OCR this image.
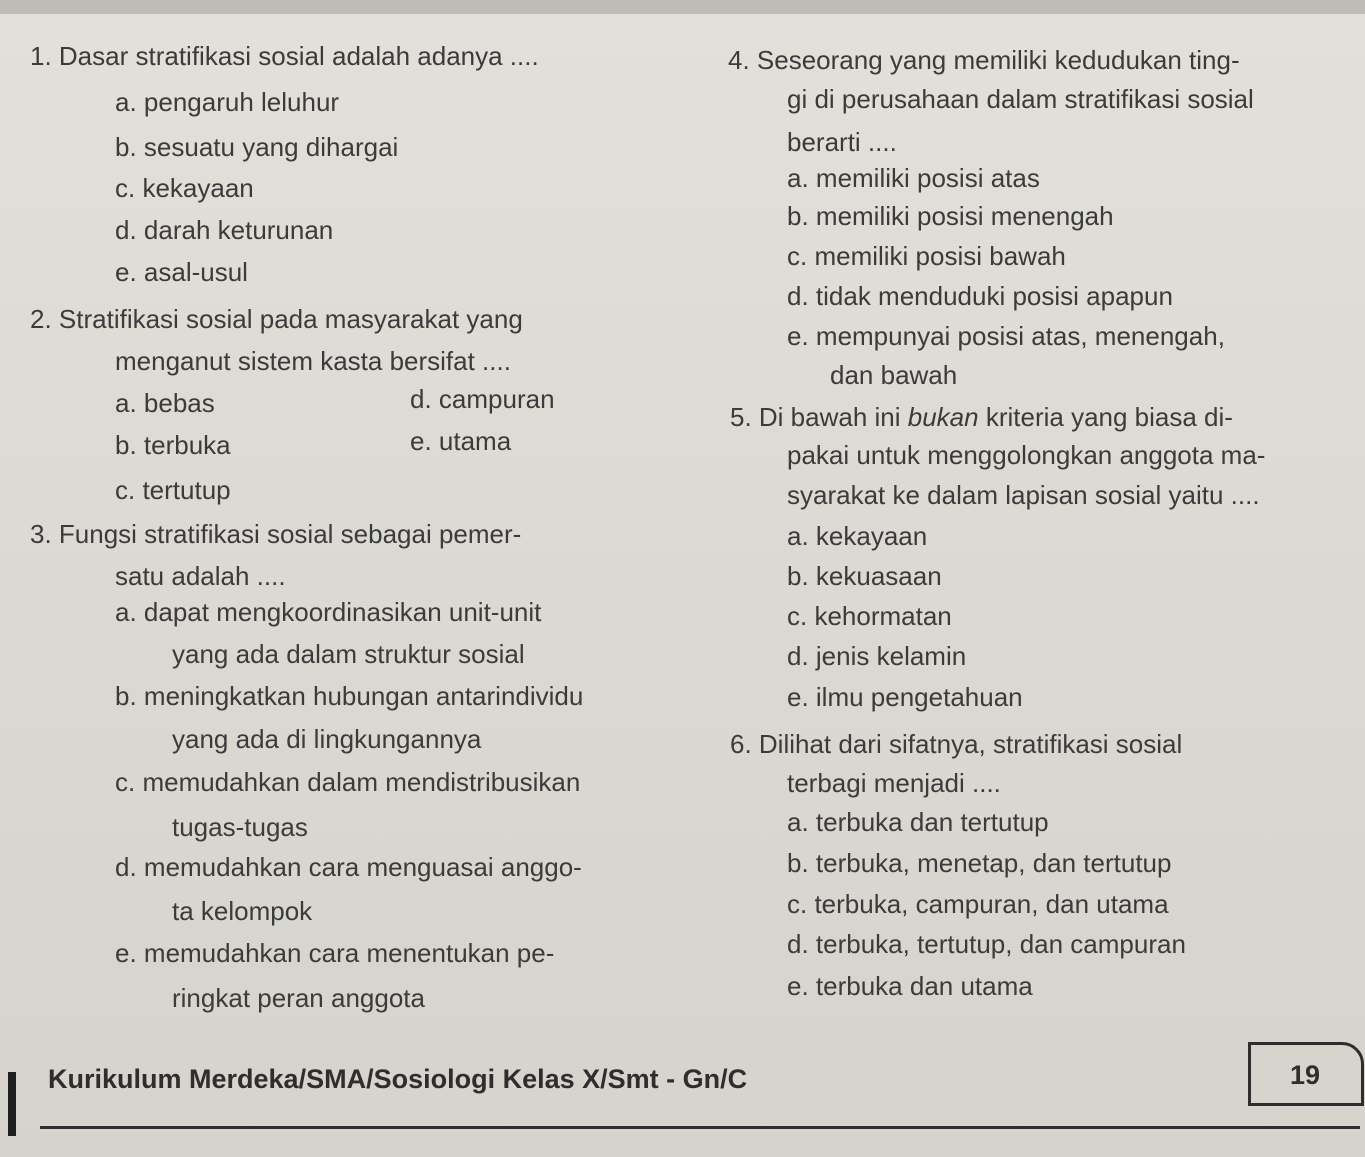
1. Dasar stratifikasi sosial adalah adanya ....
a. pengaruh leluhur
b. sesuatu yang dihargai
c. kekayaan
d. darah keturunan
e. asal-usul
2. Stratifikasi sosial pada masyarakat yang
menganut sistem kasta bersifat ....
a. bebas	d. campuran
b. terbuka	e. utama
c. tertutup
3. Fungsi stratifikasi sosial sebagai pemer-
satu adalah ....
a. dapat mengkoordinasikan unit-unit
yang ada dalam struktur sosial
b. meningkatkan hubungan antarindividu
yang ada di lingkungannya
c. memudahkan dalam mendistribusikan
tugas-tugas
d. memudahkan cara menguasai anggo-
ta kelompok
e. memudahkan cara menentukan pe-
ringkat peran anggota
4. Seseorang yang memiliki kedudukan ting-
gi di perusahaan dalam stratifikasi sosial
berarti ....
a. memiliki posisi atas
b. memiliki posisi menengah
c. memiliki posisi bawah
d. tidak menduduki posisi apapun
e. mempunyai posisi atas, menengah,
dan bawah
5. Di bawah ini bukan kriteria yang biasa di-
pakai untuk menggolongkan anggota ma-
syarakat ke dalam lapisan sosial yaitu ....
a. kekayaan
b. kekuasaan
c. kehormatan
d. jenis kelamin
e. ilmu pengetahuan
6. Dilihat dari sifatnya, stratifikasi sosial
terbagi menjadi ....
a. terbuka dan tertutup
b. terbuka, menetap, dan tertutup
c. terbuka, campuran, dan utama
d. terbuka, tertutup, dan campuran
e. terbuka dan utama
Kurikulum Merdeka/SMA/Sosiologi Kelas X/Smt - Gn/C	19
